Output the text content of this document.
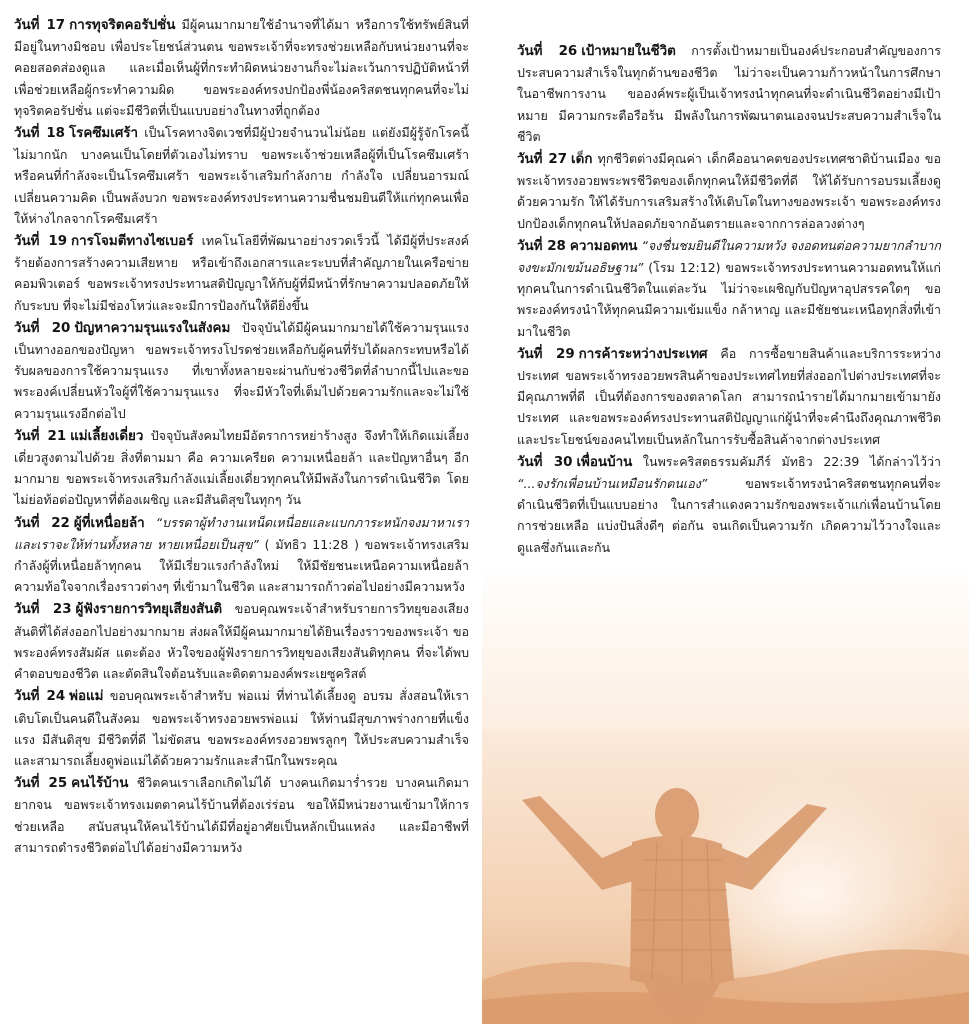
วันที่ 17 การทุจริตคอรัปชั่น มีผู้คนมากมายใช้อำนาจที่ได้มา หรือการใช้ทรัพย์สินที่มีอยู่ในทางมิชอบ เพื่อประโยชน์ส่วนตน ขอพระเจ้าที่จะทรงช่วยเหลือกับหน่วยงานที่จะคอยสอดส่องดูแล และเมื่อเห็นผู้ที่กระทำผิดหน่วยงานก็จะไม่ละเว้นการปฏิบัติหน้าที่ เพื่อช่วยเหลือผู้กระทำความผิด ขอพระองค์ทรงปกป้องพี่น้องคริสตชนทุกคนที่จะไม่ทุจริตคอรัปชั่น แต่จะมีชีวิตที่เป็นแบบอย่างในทางที่ถูกต้อง
วันที่ 18 โรคซึมเศร้า เป็นโรคทางจิตเวชที่มีผู้ป่วยจำนวนไม่น้อย แต่ยังมีผู้รู้จักโรคนี้ไม่มากนัก บางคนเป็นโดยที่ตัวเองไม่ทราบ ขอพระเจ้าช่วยเหลือผู้ที่เป็นโรคซึมเศร้าหรือคนที่กำลังจะเป็นโรคซึมเศร้า ขอพระเจ้าเสริมกำลังกาย กำลังใจ เปลี่ยนอารมณ์ เปลี่ยนความคิด เป็นพลังบวก ขอพระองค์ทรงประทานความชื่นชมยินดีให้แก่ทุกคนเพื่อให้ห่างไกลจากโรคซึมเศร้า
วันที่ 19 การโจมตีทางไซเบอร์ เทคโนโลยีที่พัฒนาอย่างรวดเร็วนี้ ได้มีผู้ที่ประสงค์ร้ายต้องการสร้างความเสียหาย หรือเข้าถึงเอกสารและระบบที่สำคัญภายในเครือข่ายคอมพิวเตอร์ ขอพระเจ้าทรงประทานสติปัญญาให้กับผู้ที่มีหน้าที่รักษาความปลอดภัยให้กับระบบ ที่จะไม่มีช่องโหว่และจะมีการป้องกันให้ดียิ่งขึ้น
วันที่ 20 ปัญหาความรุนแรงในสังคม ปัจจุบันได้มีผู้คนมากมายได้ใช้ความรุนแรงเป็นทางออกของปัญหา ขอพระเจ้าทรงโปรดช่วยเหลือกับผู้คนที่รับได้ผลกระทบหรือได้รับผลของการใช้ความรุนแรง ที่เขาทั้งหลายจะผ่านกับช่วงชีวิตที่ลำบากนี้ไปและขอพระองค์เปลี่ยนหัวใจผู้ที่ใช้ความรุนแรง ที่จะมีหัวใจที่เต็มไปด้วยความรักและจะไม่ใช้ความรุนแรงอีกต่อไป
วันที่ 21 แม่เลี้ยงเดี่ยว ปัจจุบันสังคมไทยมีอัตราการหย่าร้างสูง จึงทำให้เกิดแม่เลี้ยงเดี่ยวสูงตามไปด้วย สิ่งที่ตามมา คือ ความเครียด ความเหนื่อยล้า และปัญหาอื่นๆ อีกมากมาย ขอพระเจ้าทรงเสริมกำลังแม่เลี้ยงเดี่ยวทุกคนให้มีพลังในการดำเนินชีวิต โดยไม่ย่อท้อต่อปัญหาที่ต้องเผชิญ และมีสันติสุขในทุกๆ วัน
วันที่ 22 ผู้ที่เหนื่อยล้า “บรรดาผู้ทำงานเหน็ดเหนื่อยและแบกภาระหนักจงมาหาเรา และเราจะให้ท่านทั้งหลาย หายเหนื่อยเป็นสุข” ( มัทธิว 11:28 ) ขอพระเจ้าทรงเสริมกำลังผู้ที่เหนื่อยล้าทุกคน ให้มีเรี่ยวแรงกำลังใหม่ ให้มีชัยชนะเหนือความเหนื่อยล้า ความท้อใจจากเรื่องราวต่างๆ ที่เข้ามาในชีวิต และสามารถก้าวต่อไปอย่างมีความหวัง
วันที่ 23 ผู้ฟังรายการวิทยุเสียงสันติ ขอบคุณพระเจ้าสำหรับรายการวิทยุของเสียงสันติที่ได้ส่งออกไปอย่างมากมาย ส่งผลให้มีผู้คนมากมายได้ยินเรื่องราวของพระเจ้า ขอพระองค์ทรงสัมผัส แตะต้อง หัวใจของผู้ฟังรายการวิทยุของเสียงสันติทุกคน ที่จะได้พบคำตอบของชีวิต และตัดสินใจต้อนรับและติดตามองค์พระเยซูคริสต์
วันที่ 24 พ่อแม่ ขอบคุณพระเจ้าสำหรับ พ่อแม่ ที่ท่านได้เลี้ยงดู อบรม สั่งสอนให้เราเติบโตเป็นคนดีในสังคม ขอพระเจ้าทรงอวยพรพ่อแม่ ให้ท่านมีสุขภาพร่างกายที่แข็งแรง มีสันติสุข มีชีวิตที่ดี ไม่ขัดสน ขอพระองค์ทรงอวยพรลูกๆ ให้ประสบความสำเร็จ และสามารถเลี้ยงดูพ่อแม่ได้ด้วยความรักและสำนึกในพระคุณ
วันที่ 25 คนไร้บ้าน ชีวิตคนเราเลือกเกิดไม่ได้ บางคนเกิดมาร่ำรวย บางคนเกิดมายากจน ขอพระเจ้าทรงเมตตาคนไร้บ้านที่ต้องเร่ร่อน ขอให้มีหน่วยงานเข้ามาให้การช่วยเหลือ สนับสนุนให้คนไร้บ้านได้มีที่อยู่อาศัยเป็นหลักเป็นแหล่ง และมีอาชีพที่สามารถดำรงชีวิตต่อไปได้อย่างมีความหวัง
วันที่ 26 เป้าหมายในชีวิต การตั้งเป้าหมายเป็นองค์ประกอบสำคัญของการประสบความสำเร็จในทุกด้านของชีวิต ไม่ว่าจะเป็นความก้าวหน้าในการศึกษาในอาชีพการงาน ขอองค์พระผู้เป็นเจ้าทรงนำทุกคนที่จะดำเนินชีวิตอย่างมีเป้าหมาย มีความกระตือรือร้น มีพลังในการพัฒนาตนเองจนประสบความสำเร็จในชีวิต
วันที่ 27 เด็ก ทุกชีวิตต่างมีคุณค่า เด็กคืออนาคตของประเทศชาติบ้านเมือง ขอพระเจ้าทรงอวยพระพรชีวิตของเด็กทุกคนให้มีชีวิตที่ดี ให้ได้รับการอบรมเลี้ยงดู ด้วยความรัก ให้ได้รับการเสริมสร้างให้เติบโตในทางของพระเจ้า ขอพระองค์ทรงปกป้องเด็กทุกคนให้ปลอดภัยจากอันตรายและจากการล่อลวงต่างๆ
วันที่ 28 ความอดทน “จงชื่นชมยินดีในความหวัง จงอดทนต่อความยากลำบาก จงขะมักเขม้นอธิษฐาน” (โรม 12:12) ขอพระเจ้าทรงประทานความอดทนให้แก่ทุกคนในการดำเนินชีวิตในแต่ละวัน ไม่ว่าจะเผชิญกับปัญหาอุปสรรคใดๆ ขอพระองค์ทรงนำให้ทุกคนมีความเข้มแข็ง กล้าหาญ และมีชัยชนะเหนือทุกสิ่งที่เข้ามาในชีวิต
วันที่ 29 การค้าระหว่างประเทศ คือ การซื้อขายสินค้าและบริการระหว่างประเทศ ขอพระเจ้าทรงอวยพรสินค้าของประเทศไทยที่ส่งออกไปต่างประเทศที่จะมีคุณภาพที่ดี เป็นที่ต้องการของตลาดโลก สามารถนำรายได้มากมายเข้ามายังประเทศ และขอพระองค์ทรงประทานสติปัญญาแก่ผู้นำที่จะคำนึงถึงคุณภาพชีวิตและประโยชน์ของคนไทยเป็นหลักในการรับซื้อสินค้าจากต่างประเทศ
วันที่ 30 เพื่อนบ้าน ในพระคริสตธรรมคัมภีร์ มัทธิว 22:39 ได้กล่าวไว้ว่า “...จงรักเพื่อนบ้านเหมือนรักตนเอง”	ขอพระเจ้าทรงนำคริสตชนทุกคนที่จะดำเนินชีวิตที่เป็นแบบอย่าง ในการสำแดงความรักของพระเจ้าแก่เพื่อนบ้านโดยการช่วยเหลือ แบ่งปันสิ่งดีๆ ต่อกัน จนเกิดเป็นความรัก เกิดความไว้วางใจและดูแลซึ่งกันและกัน
